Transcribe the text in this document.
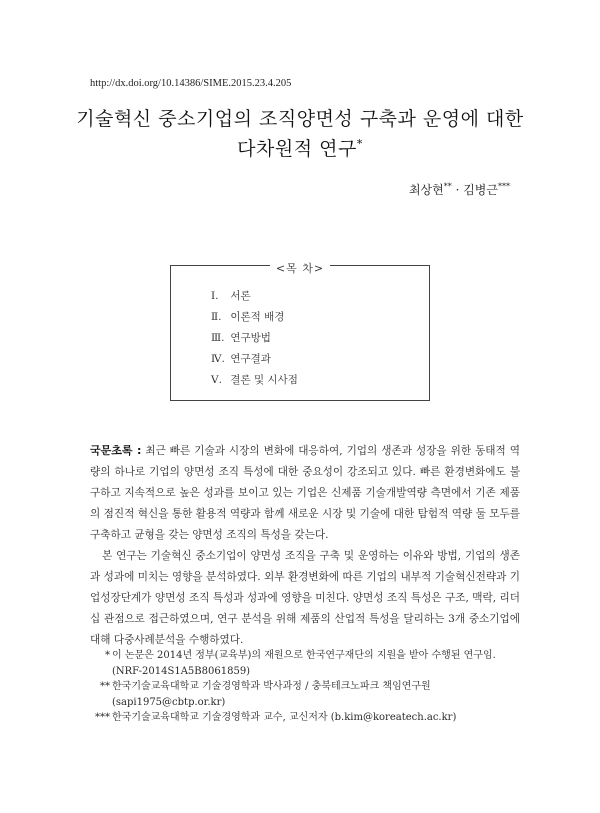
http://dx.doi.org/10.14386/SIME.2015.23.4.205
기술혁신 중소기업의 조직양면성 구축과 운영에 대한
다차원적 연구*
최상현** · 김병근***
<목 차>
Ⅰ. 서론
Ⅱ. 이론적 배경
Ⅲ. 연구방법
Ⅳ. 연구결과
Ⅴ. 결론 및 시사점

국문초록 : 최근 빠른 기술과 시장의 변화에 대응하여, 기업의 생존과 성장을 위한 동태적 역량의 하나로 기업의 양면성 조직 특성에 대한 중요성이 강조되고 있다. 빠른 환경변화에도 불구하고 지속적으로 높은 성과를 보이고 있는 기업은 신제품 기술개발역량 측면에서 기존 제품의 점진적 혁신을 통한 활용적 역량과 함께 새로운 시장 및 기술에 대한 탐험적 역량 둘 모두를 구축하고 균형을 갖는 양면성 조직의 특성을 갖는다.

본 연구는 기술혁신 중소기업이 양면성 조직을 구축 및 운영하는 이유와 방법, 기업의 생존과 성과에 미치는 영향을 분석하였다. 외부 환경변화에 따른 기업의 내부적 기술혁신전략과 기업성장단계가 양면성 조직 특성과 성과에 영향을 미친다. 양면성 조직 특성은 구조, 맥락, 리더십 관점으로 접근하였으며, 연구 분석을 위해 제품의 산업적 특성을 달리하는 3개 중소기업에 대해 다중사례분석을 수행하였다.

* 이 논문은 2014년 정부(교육부)의 재원으로 한국연구재단의 지원을 받아 수행된 연구임.
(NRF-2014S1A5B8061859)
** 한국기술교육대학교 기술경영학과 박사과정 / 충북테크노파크 책임연구원 (sapi1975@cbtp.or.kr)
*** 한국기술교육대학교 기술경영학과 교수, 교신저자 (b.kim@koreatech.ac.kr)
